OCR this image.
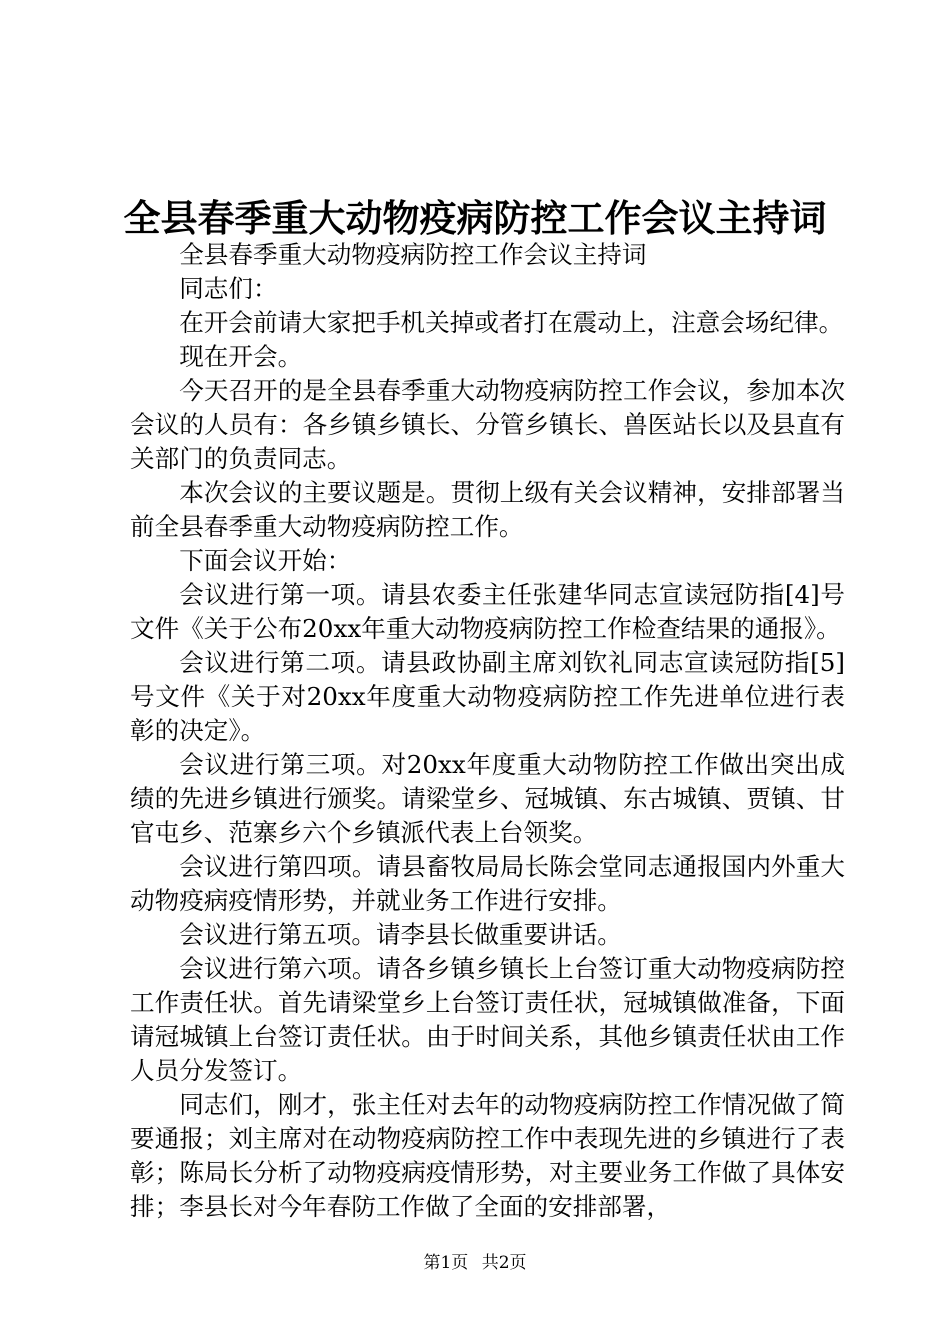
全县春季重大动物疫病防控工作会议主持词

全县春季重大动物疫病防控工作会议主持词

同志们：

在开会前请大家把手机关掉或者打在震动上，注意会场纪律。

现在开会。

今天召开的是全县春季重大动物疫病防控工作会议，参加本次会议的人员有：各乡镇乡镇长、分管乡镇长、兽医站长以及县直有关部门的负责同志。

本次会议的主要议题是。贯彻上级有关会议精神，安排部署当前全县春季重大动物疫病防控工作。

下面会议开始：

会议进行第一项。请县农委主任张建华同志宣读冠防指[4]号文件《关于公布20xx年重大动物疫病防控工作检查结果的通报》。

会议进行第二项。请县政协副主席刘钦礼同志宣读冠防指[5]号文件《关于对20xx年度重大动物疫病防控工作先进单位进行表彰的决定》。

会议进行第三项。对20xx年度重大动物防控工作做出突出成绩的先进乡镇进行颁奖。请梁堂乡、冠城镇、东古城镇、贾镇、甘官屯乡、范寨乡六个乡镇派代表上台领奖。

会议进行第四项。请县畜牧局局长陈会堂同志通报国内外重大动物疫病疫情形势，并就业务工作进行安排。

会议进行第五项。请李县长做重要讲话。

会议进行第六项。请各乡镇乡镇长上台签订重大动物疫病防控工作责任状。首先请梁堂乡上台签订责任状，冠城镇做准备，下面请冠城镇上台签订责任状。由于时间关系，其他乡镇责任状由工作人员分发签订。

同志们，刚才，张主任对去年的动物疫病防控工作情况做了简要通报；刘主席对在动物疫病防控工作中表现先进的乡镇进行了表彰；陈局长分析了动物疫病疫情形势，对主要业务工作做了具体安排；李县长对今年春防工作做了全面的安排部署，

第1页 共2页
